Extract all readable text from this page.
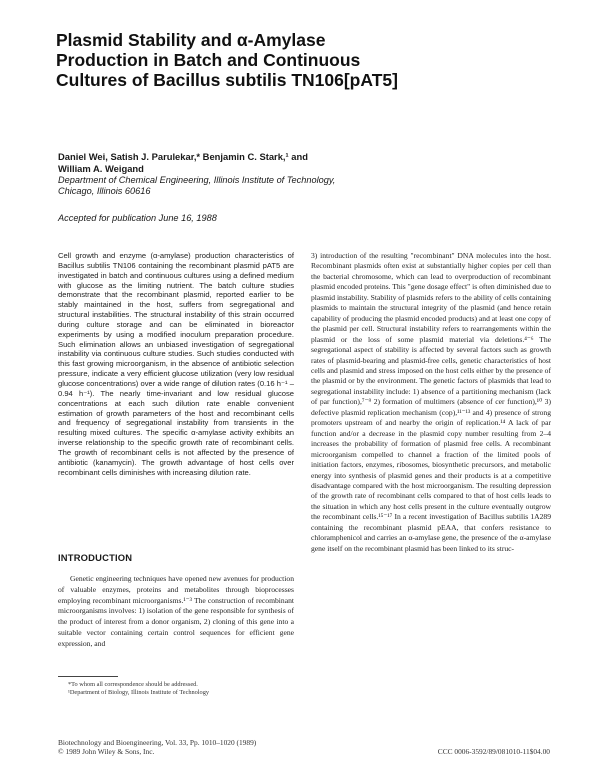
Plasmid Stability and α-Amylase
Production in Batch and Continuous
Cultures of Bacillus subtilis TN106[pAT5]
Daniel Wei, Satish J. Parulekar,* Benjamin C. Stark,¹ and
William A. Weigand
Department of Chemical Engineering, Illinois Institute of Technology,
Chicago, Illinois 60616
Accepted for publication June 16, 1988
Cell growth and enzyme (α-amylase) production characteristics of Bacillus subtilis TN106 containing the recombinant plasmid pAT5 are investigated in batch and continuous cultures using a defined medium with glucose as the limiting nutrient. The batch culture studies demonstrate that the recombinant plasmid, reported earlier to be stably maintained in the host, suffers from segregational and structural instabilities. The structural instability of this strain occurred during culture storage and can be eliminated in bioreactor experiments by using a modified inoculum preparation procedure. Such elimination allows an unbiased investigation of segregational instability via continuous culture studies. Such studies conducted with this fast growing microorganism, in the absence of antibiotic selection pressure, indicate a very efficient glucose utilization (very low residual glucose concentrations) over a wide range of dilution rates (0.16 h⁻¹ – 0.94 h⁻¹). The nearly time-invariant and low residual glucose concentrations at each such dilution rate enable convenient estimation of growth parameters of the host and recombinant cells and frequency of segregational instability from transients in the resulting mixed cultures. The specific α-amylase activity exhibits an inverse relationship to the specific growth rate of recombinant cells. The growth of recombinant cells is not affected by the presence of antibiotic (kanamycin). The growth advantage of host cells over recombinant cells diminishes with increasing dilution rate.
INTRODUCTION
Genetic engineering techniques have opened new avenues for production of valuable enzymes, proteins and metabolites through bioprocesses employing recombinant microorganisms.¹⁻³ The construction of recombinant microorganisms involves: 1) isolation of the gene responsible for synthesis of the product of interest from a donor organism, 2) cloning of this gene into a suitable vector containing certain control sequences for efficient gene expression, and
3) introduction of the resulting "recombinant" DNA molecules into the host. Recombinant plasmids often exist at substantially higher copies per cell than the bacterial chromosome, which can lead to overproduction of recombinant plasmid encoded proteins. This "gene dosage effect" is often diminished due to plasmid instability. Stability of plasmids refers to the ability of cells containing plasmids to maintain the structural integrity of the plasmid (and hence retain capability of producing the plasmid encoded products) and at least one copy of the plasmid per cell. Structural instability refers to rearrangements within the plasmid or the loss of some plasmid material via deletions.⁴⁻⁶ The segregational aspect of stability is affected by several factors such as growth rates of plasmid-bearing and plasmid-free cells, genetic characteristics of host cells and plasmid and stress imposed on the host cells either by the presence of the plasmid or by the environment. The genetic factors of plasmids that lead to segregational instability include: 1) absence of a partitioning mechanism (lack of par function),⁷⁻⁹ 2) formation of multimers (absence of cer function),¹⁰ 3) defective plasmid replication mechanism (cop),¹¹⁻¹³ and 4) presence of strong promoters upstream of and nearby the origin of replication.¹⁴ A lack of par function and/or a decrease in the plasmid copy number resulting from 2–4 increases the probability of formation of plasmid free cells. A recombinant microorganism compelled to channel a fraction of the limited pools of initiation factors, enzymes, ribosomes, biosynthetic precursors, and metabolic energy into synthesis of plasmid genes and their products is at a competitive disadvantage compared with the host microorganism. The resulting depression of the growth rate of recombinant cells compared to that of host cells leads to the situation in which any host cells present in the culture eventually outgrow the recombinant cells.¹⁵⁻¹⁷ In a recent investigation of Bacillus subtilis 1A289 containing the recombinant plasmid pEAA, that confers resistance to chloramphenicol and carries an α-amylase gene, the presence of the α-amylase gene itself on the recombinant plasmid has been linked to its struc-

*To whom all correspondence should be addressed.

¹Department of Biology, Illinois Institute of Technology

Biotechnology and Bioengineering, Vol. 33, Pp. 1010–1020 (1989)
© 1989 John Wiley & Sons, Inc.	CCC 0006-3592/89/081010-11$04.00
